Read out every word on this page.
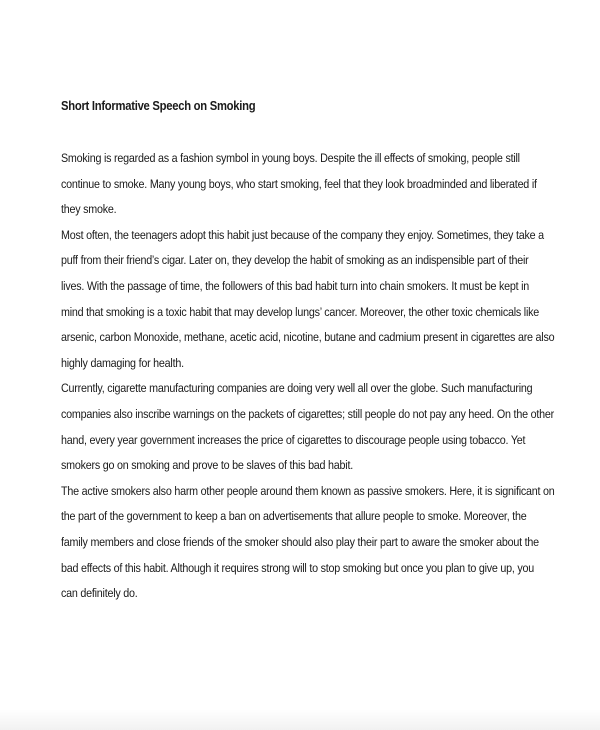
Short Informative Speech on Smoking

Smoking is regarded as a fashion symbol in young boys. Despite the ill effects of smoking, people still
continue to smoke. Many young boys, who start smoking, feel that they look broadminded and liberated if
they smoke.

Most often, the teenagers adopt this habit just because of the company they enjoy. Sometimes, they take a
puff from their friend’s cigar. Later on, they develop the habit of smoking as an indispensible part of their
lives. With the passage of time, the followers of this bad habit turn into chain smokers. It must be kept in
mind that smoking is a toxic habit that may develop lungs’ cancer. Moreover, the other toxic chemicals like
arsenic, carbon Monoxide, methane, acetic acid, nicotine, butane and cadmium present in cigarettes are also
highly damaging for health.

Currently, cigarette manufacturing companies are doing very well all over the globe. Such manufacturing
companies also inscribe warnings on the packets of cigarettes; still people do not pay any heed. On the other
hand, every year government increases the price of cigarettes to discourage people using tobacco. Yet
smokers go on smoking and prove to be slaves of this bad habit.

The active smokers also harm other people around them known as passive smokers. Here, it is significant on
the part of the government to keep a ban on advertisements that allure people to smoke. Moreover, the
family members and close friends of the smoker should also play their part to aware the smoker about the
bad effects of this habit. Although it requires strong will to stop smoking but once you plan to give up, you
can definitely do.
